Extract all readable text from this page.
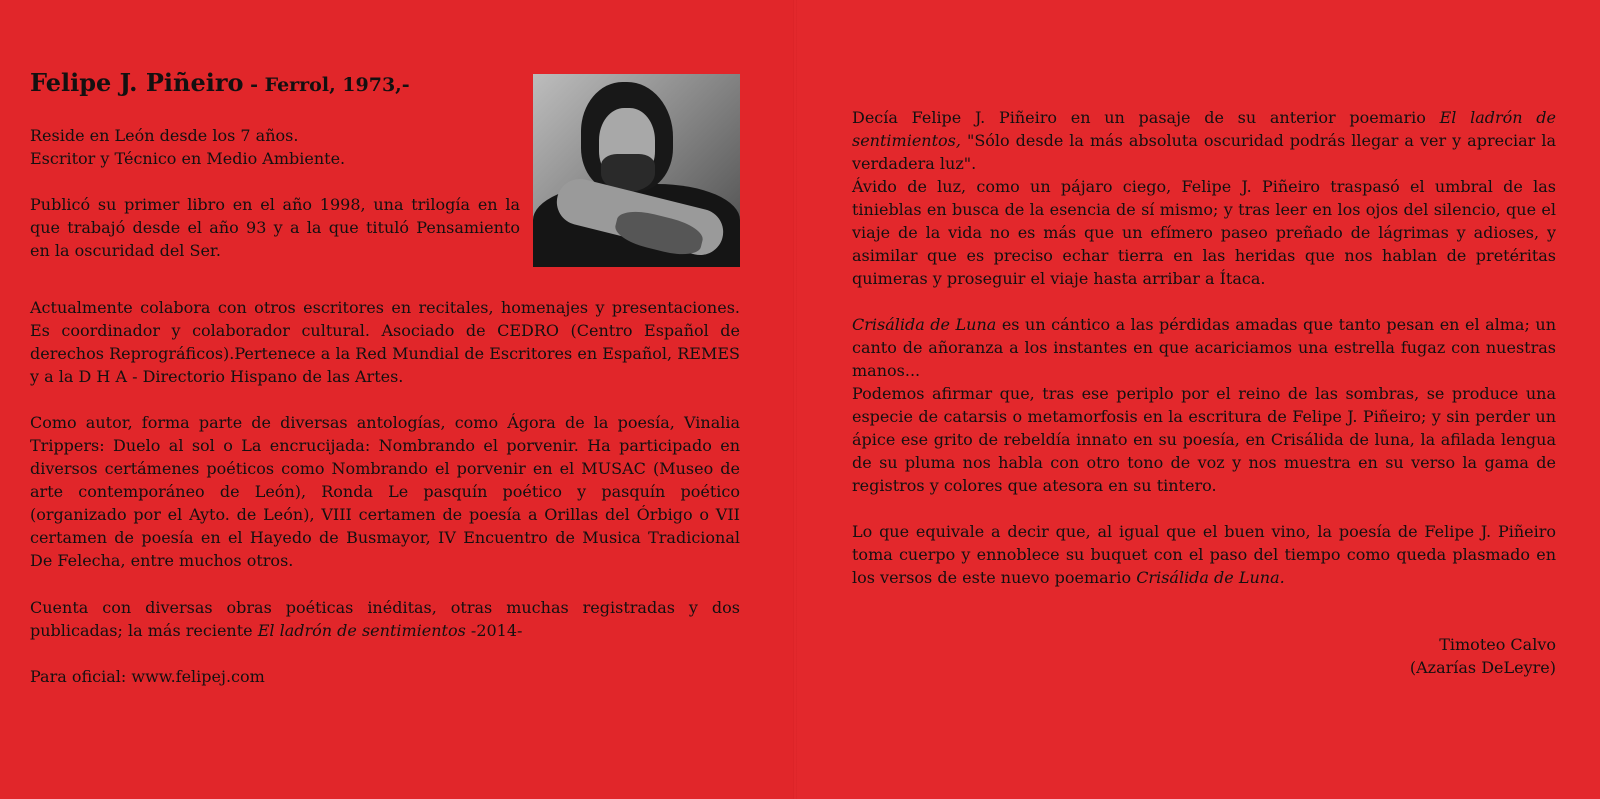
Felipe J. Piñeiro - Ferrol, 1973,-

Reside en León desde los 7 años.
Escritor y Técnico en Medio Ambiente.

Publicó su primer libro en el año 1998, una trilogía en la que trabajó desde el año 93 y a la que tituló Pensamiento en la oscuridad del Ser.

Actualmente colabora con otros escritores en recitales, homenajes y presentaciones. Es coordinador y colaborador cultural. Asociado de CEDRO (Centro Español de derechos Reprográficos).Pertenece a la Red Mundial de Escritores en Español, REMES y a la D H A - Directorio Hispano de las Artes.

Como autor, forma parte de diversas antologías, como Ágora de la poesía, Vinalia Trippers: Duelo al sol o La encrucijada: Nombrando el porvenir. Ha participado en diversos certámenes poéticos como Nombrando el porvenir en el MUSAC (Museo de arte contemporáneo de León), Ronda Le pasquín poético y pasquín poético (organizado por el Ayto. de León), VIII certamen de poesía a Orillas del Órbigo o VII certamen de poesía en el Hayedo de Busmayor, IV Encuentro de Musica Tradicional De Felecha, entre muchos otros.

Cuenta con diversas obras poéticas inéditas, otras muchas registradas y dos publicadas; la más reciente El ladrón de sentimientos -2014-

Para oficial: www.felipej.com

Decía Felipe J. Piñeiro en un pasaje de su anterior poemario El ladrón de sentimientos, "Sólo desde la más absoluta oscuridad podrás llegar a ver y apreciar la verdadera luz".

Ávido de luz, como un pájaro ciego, Felipe J. Piñeiro traspasó el umbral de las tinieblas en busca de la esencia de sí mismo; y tras leer en los ojos del silencio, que el viaje de la vida no es más que un efímero paseo preñado de lágrimas y adioses, y asimilar que es preciso echar tierra en las heridas que nos hablan de pretéritas quimeras y proseguir el viaje hasta arribar a Ítaca.

Crisálida de Luna es un cántico a las pérdidas amadas que tanto pesan en el alma; un canto de añoranza a los instantes en que acariciamos una estrella fugaz con nuestras manos...

Podemos afirmar que, tras ese periplo por el reino de las sombras, se produce una especie de catarsis o metamorfosis en la escritura de Felipe J. Piñeiro; y sin perder un ápice ese grito de rebeldía innato en su poesía, en Crisálida de luna, la afilada lengua de su pluma nos habla con otro tono de voz y nos muestra en su verso la gama de registros y colores que atesora en su tintero.

Lo que equivale a decir que, al igual que el buen vino, la poesía de Felipe J. Piñeiro toma cuerpo y ennoblece su buquet con el paso del tiempo como queda plasmado en los versos de este nuevo poemario Crisálida de Luna.

Timoteo Calvo
(Azarías DeLeyre)
